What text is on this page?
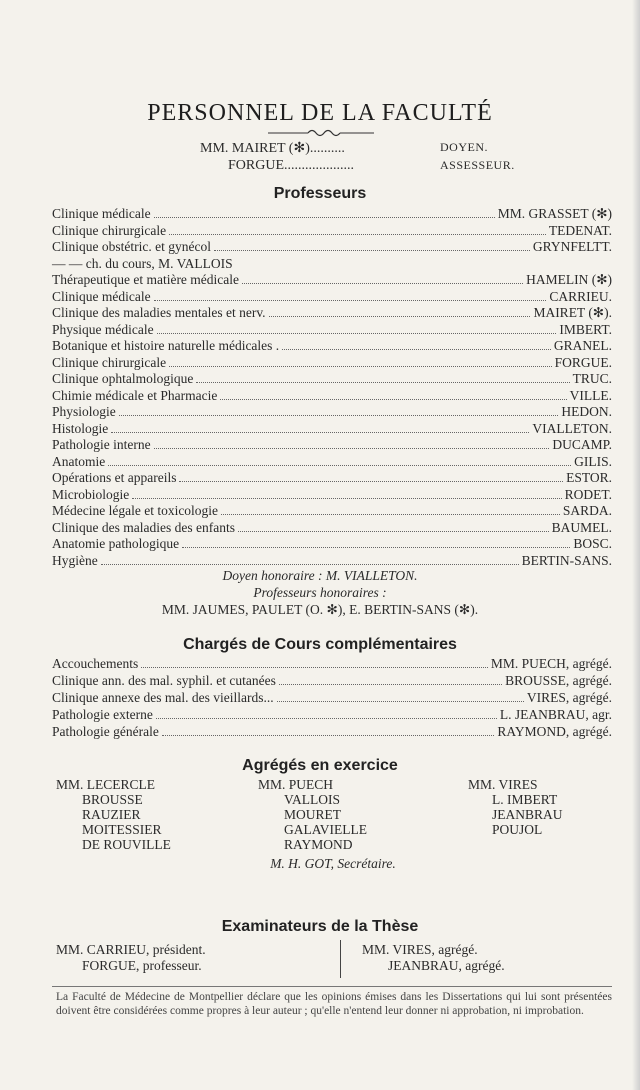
PERSONNEL DE LA FACULTÉ
MM. MAIRET (✻)..........	DOYEN.
FORGUE....................	ASSESSEUR.
Professeurs
Clinique médicale	MM. GRASSET (✻)
Clinique chirurgicale	TEDENAT.
Clinique obstétric. et gynécol	GRYNFELTT.
— — ch. du cours, M. VALLOIS
Thérapeutique et matière médicale	HAMELIN (✻)
Clinique médicale	CARRIEU.
Clinique des maladies mentales et nerv.	MAIRET (✻).
Physique médicale	IMBERT.
Botanique et histoire naturelle médicales .	GRANEL.
Clinique chirurgicale	FORGUE.
Clinique ophtalmologique	TRUC.
Chimie médicale et Pharmacie	VILLE.
Physiologie	HEDON.
Histologie	VIALLETON.
Pathologie interne	DUCAMP.
Anatomie	GILIS.
Opérations et appareils	ESTOR.
Microbiologie	RODET.
Médecine légale et toxicologie	SARDA.
Clinique des maladies des enfants	BAUMEL.
Anatomie pathologique	BOSC.
Hygiène	BERTIN-SANS.
Doyen honoraire : M. VIALLETON.
Professeurs honoraires :
MM. JAUMES, PAULET (O. ✻), E. BERTIN-SANS (✻).
Chargés de Cours complémentaires
Accouchements	MM. PUECH, agrégé.
Clinique ann. des mal. syphil. et cutanées	BROUSSE, agrégé.
Clinique annexe des mal. des vieillards...	VIRES, agrégé.
Pathologie externe	L. JEANBRAU, agr.
Pathologie générale	RAYMOND, agrégé.
Agrégés en exercice
MM. LECERCLE
BROUSSE
RAUZIER
MOITESSIER
DE ROUVILLE
MM. PUECH
VALLOIS
MOURET
GALAVIELLE
RAYMOND
MM. VIRES
L. IMBERT
JEANBRAU
POUJOL
M. H. GOT, Secrétaire.
Examinateurs de la Thèse
MM. CARRIEU, président.
FORGUE, professeur.
MM. VIRES, agrégé.
JEANBRAU, agrégé.
La Faculté de Médecine de Montpellier déclare que les opinions émises dans les Dissertations qui lui sont présentées doivent être considérées comme propres à leur auteur ; qu'elle n'entend leur donner ni approbation, ni improbation.
